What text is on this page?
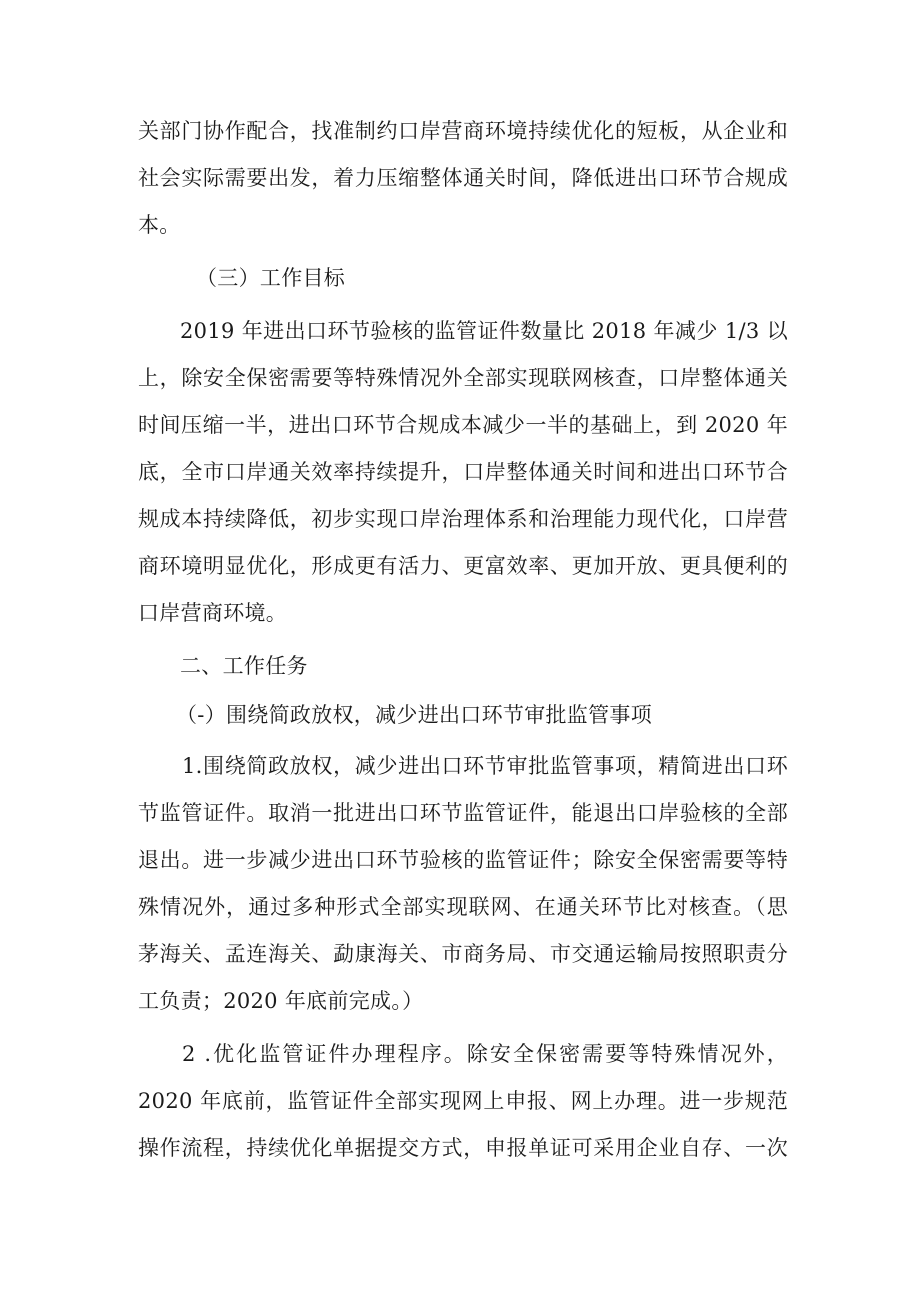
关部门协作配合，找准制约口岸营商环境持续优化的短板，从企业和
社会实际需要出发，着力压缩整体通关时间，降低进出口环节合规成
本。
（三）工作目标
2019 年进出口环节验核的监管证件数量比 2018 年减少 1/3 以
上，除安全保密需要等特殊情况外全部实现联网核查，口岸整体通关
时间压缩一半，进出口环节合规成本减少一半的基础上，到 2020 年
底，全市口岸通关效率持续提升，口岸整体通关时间和进出口环节合
规成本持续降低，初步实现口岸治理体系和治理能力现代化，口岸营
商环境明显优化，形成更有活力、更富效率、更加开放、更具便利的
口岸营商环境。
二、工作任务
（-）围绕简政放权，减少进出口环节审批监管事项
1.围绕简政放权，减少进出口环节审批监管事项，精简进出口环
节监管证件。取消一批进出口环节监管证件，能退出口岸验核的全部
退出。进一步减少进出口环节验核的监管证件；除安全保密需要等特
殊情况外，通过多种形式全部实现联网、在通关环节比对核查。（思
茅海关、孟连海关、勐康海关、市商务局、市交通运输局按照职责分
工负责；2020 年底前完成。）
2 .优化监管证件办理程序。除安全保密需要等特殊情况外，
2020 年底前，监管证件全部实现网上申报、网上办理。进一步规范
操作流程，持续优化单据提交方式，申报单证可采用企业自存、一次
